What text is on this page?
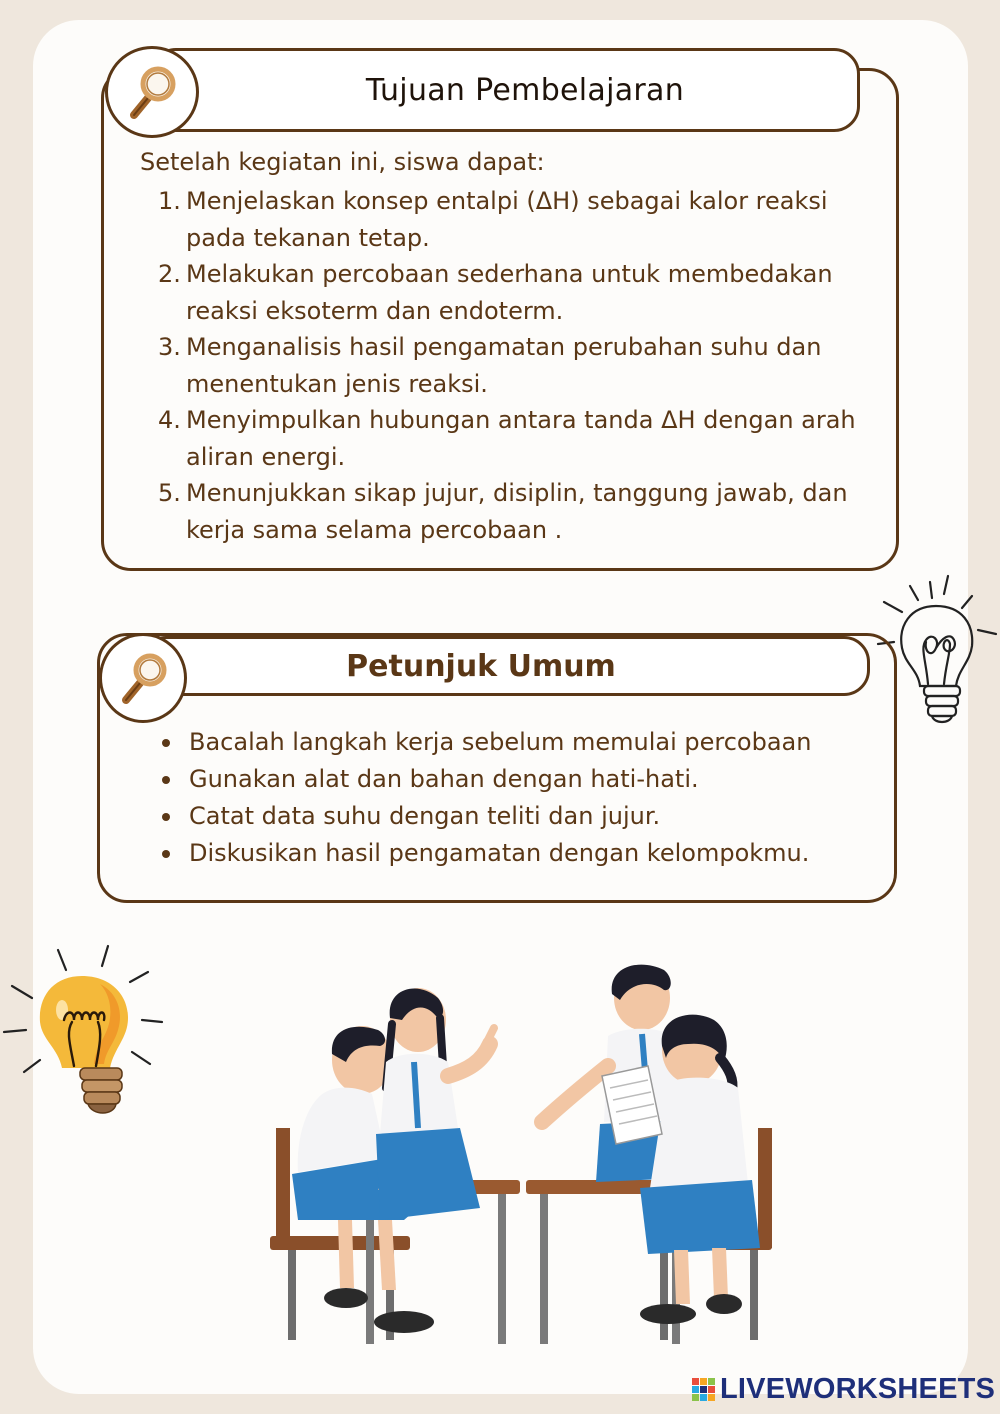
Tujuan Pembelajaran
Setelah kegiatan ini, siswa dapat:
1. Menjelaskan konsep entalpi (ΔH) sebagai kalor reaksi pada tekanan tetap.
2. Melakukan percobaan sederhana untuk membedakan reaksi eksoterm dan endoterm.
3. Menganalisis hasil pengamatan perubahan suhu dan menentukan jenis reaksi.
4. Menyimpulkan hubungan antara tanda ΔH dengan arah aliran energi.
5. Menunjukkan sikap jujur, disiplin, tanggung jawab, dan kerja sama selama percobaan .
Petunjuk Umum
Bacalah langkah kerja sebelum memulai percobaan
Gunakan alat dan bahan dengan hati-hati.
Catat data suhu dengan teliti dan jujur.
Diskusikan hasil pengamatan dengan kelompokmu.
LIVEWORKSHEETS
